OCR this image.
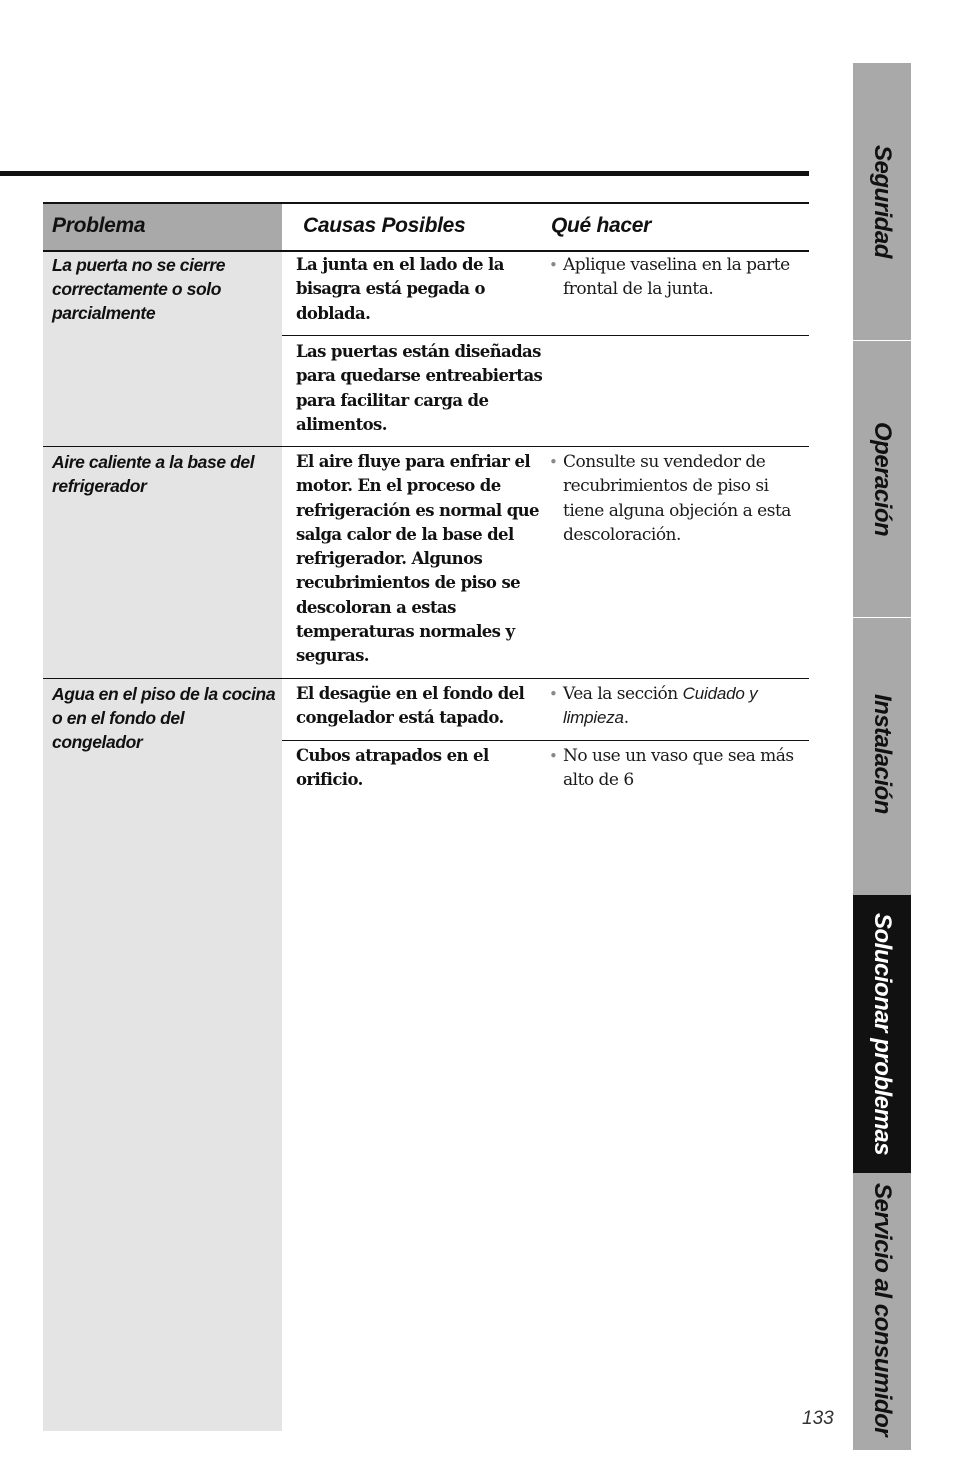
Problema	Causas Posibles	Qué hacer
La puerta no se cierre correctamente o solo parcialmente
La junta en el lado de la bisagra está pegada o doblada.
• Aplique vaselina en la parte frontal de la junta.
Las puertas están diseñadas para quedarse entreabiertas para facilitar carga de alimentos.
Aire caliente a la base del refrigerador
El aire fluye para enfriar el motor. En el proceso de refrigeración es normal que salga calor de la base del refrigerador. Algunos recubrimientos de piso se descoloran a estas temperaturas normales y seguras.
• Consulte su vendedor de recubrimientos de piso si tiene alguna objeción a esta descoloración.
Agua en el piso de la cocina o en el fondo del congelador
El desagüe en el fondo del congelador está tapado.
• Vea la sección Cuidado y limpieza.
Cubos atrapados en el orificio.
• No use un vaso que sea más alto de 6
Seguridad
Operación
Instalación
Solucionar problemas
Servicio al consumidor
133
